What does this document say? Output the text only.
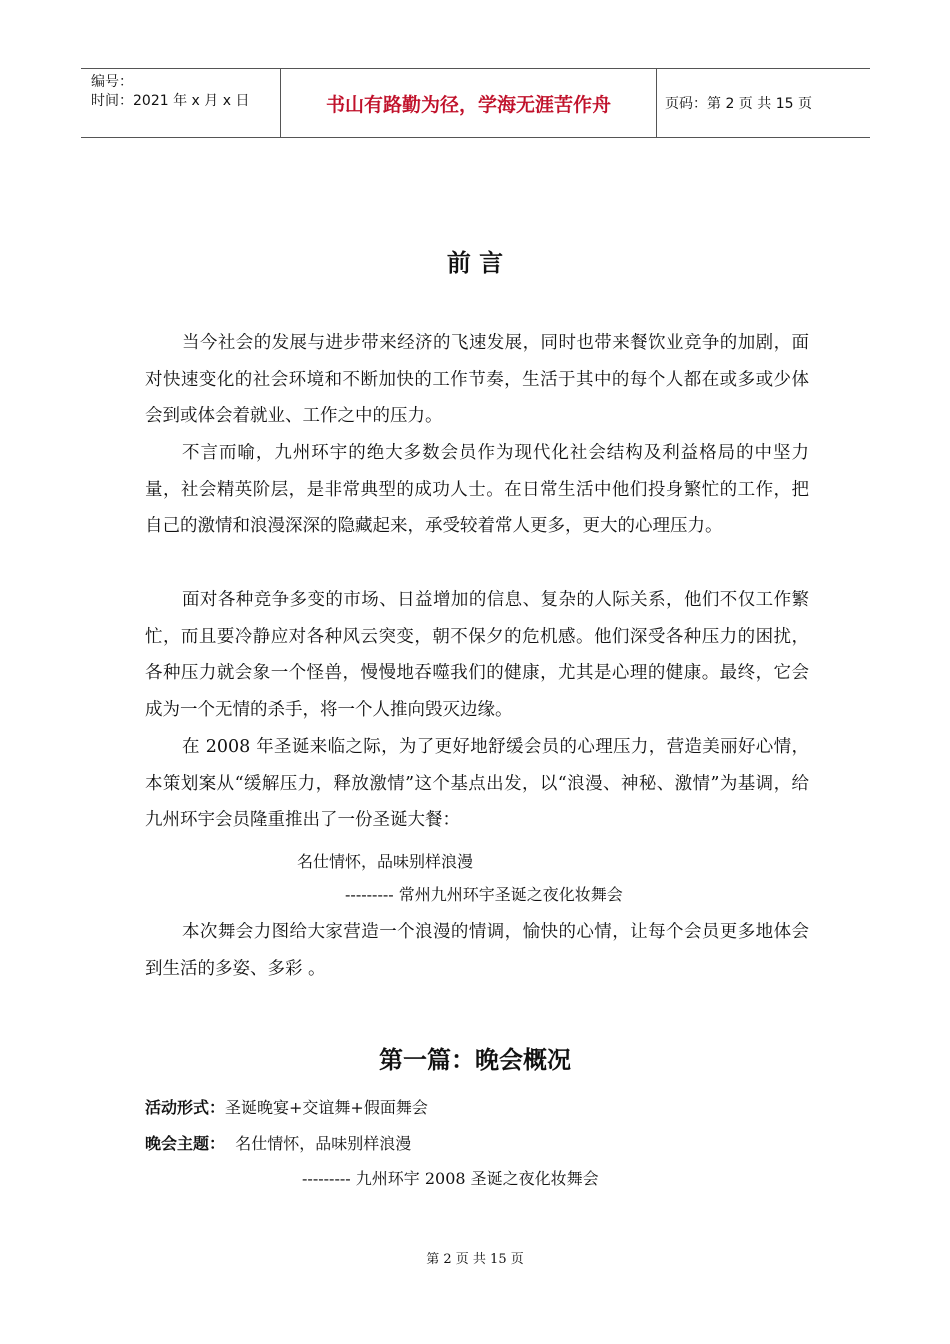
编号：
时间：2021 年 x 月 x 日	书山有路勤为径，学海无涯苦作舟	页码：第 2 页 共 15 页
前 言

当今社会的发展与进步带来经济的飞速发展，同时也带来餐饮业竞争的加剧，面对快速变化的社会环境和不断加快的工作节奏，生活于其中的每个人都在或多或少体会到或体会着就业、工作之中的压力。

不言而喻，九州环宇的绝大多数会员作为现代化社会结构及利益格局的中坚力量，社会精英阶层，是非常典型的成功人士。在日常生活中他们投身繁忙的工作，把自己的激情和浪漫深深的隐藏起来，承受较着常人更多，更大的心理压力。

面对各种竞争多变的市场、日益增加的信息、复杂的人际关系，他们不仅工作繁忙，而且要冷静应对各种风云突变，朝不保夕的危机感。他们深受各种压力的困扰，各种压力就会象一个怪兽，慢慢地吞噬我们的健康，尤其是心理的健康。最终，它会成为一个无情的杀手，将一个人推向毁灭边缘。

在 2008 年圣诞来临之际，为了更好地舒缓会员的心理压力，营造美丽好心情，本策划案从“缓解压力，释放激情”这个基点出发，以“浪漫、神秘、激情”为基调，给九州环宇会员隆重推出了一份圣诞大餐：

名仕情怀，品味别样浪漫
--------- 常州九州环宇圣诞之夜化妆舞会

本次舞会力图给大家营造一个浪漫的情调，愉快的心情，让每个会员更多地体会到生活的多姿、多彩 。

第一篇：晚会概况
活动形式：圣诞晚宴+交谊舞+假面舞会
晚会主题： 名仕情怀，品味别样浪漫
--------- 九州环宇 2008 圣诞之夜化妆舞会
第 2 页 共 15 页
